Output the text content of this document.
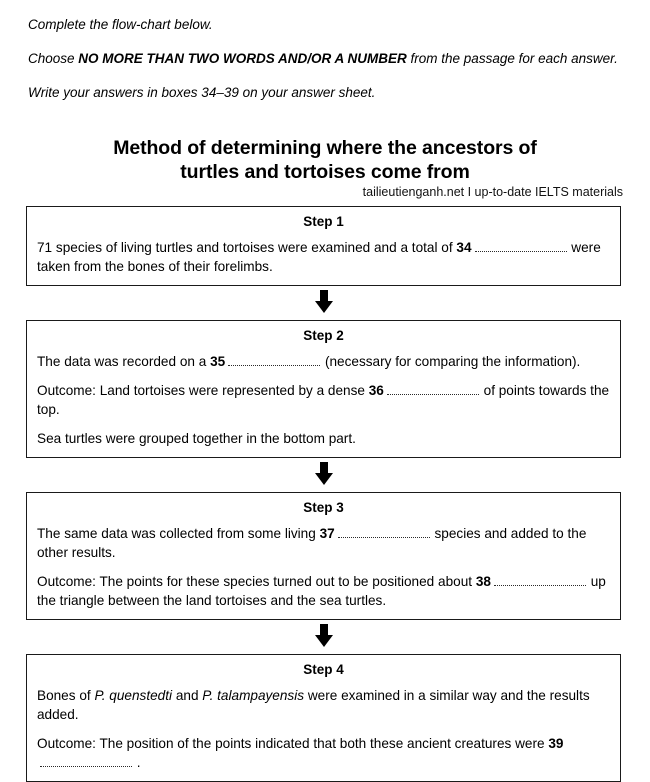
Complete the flow-chart below.
Choose NO MORE THAN TWO WORDS AND/OR A NUMBER from the passage for each answer.
Write your answers in boxes 34–39 on your answer sheet.
Method of determining where the ancestors of
turtles and tortoises come from
tailieutienganh.net I up-to-date IELTS materials
Step 1
71 species of living turtles and tortoises were examined and a total of 34	were taken from the bones of their forelimbs.
Step 2
The data was recorded on a 35	(necessary for comparing the information).
Outcome: Land tortoises were represented by a dense 36	of points towards the top.
Sea turtles were grouped together in the bottom part.
Step 3
The same data was collected from some living 37	species and added to the other results.
Outcome: The points for these species turned out to be positioned about 38	up the triangle between the land tortoises and the sea turtles.
Step 4
Bones of P. quenstedti and P. talampayensis were examined in a similar way and the results added.
Outcome: The position of the points indicated that both these ancient creatures were 39 .
